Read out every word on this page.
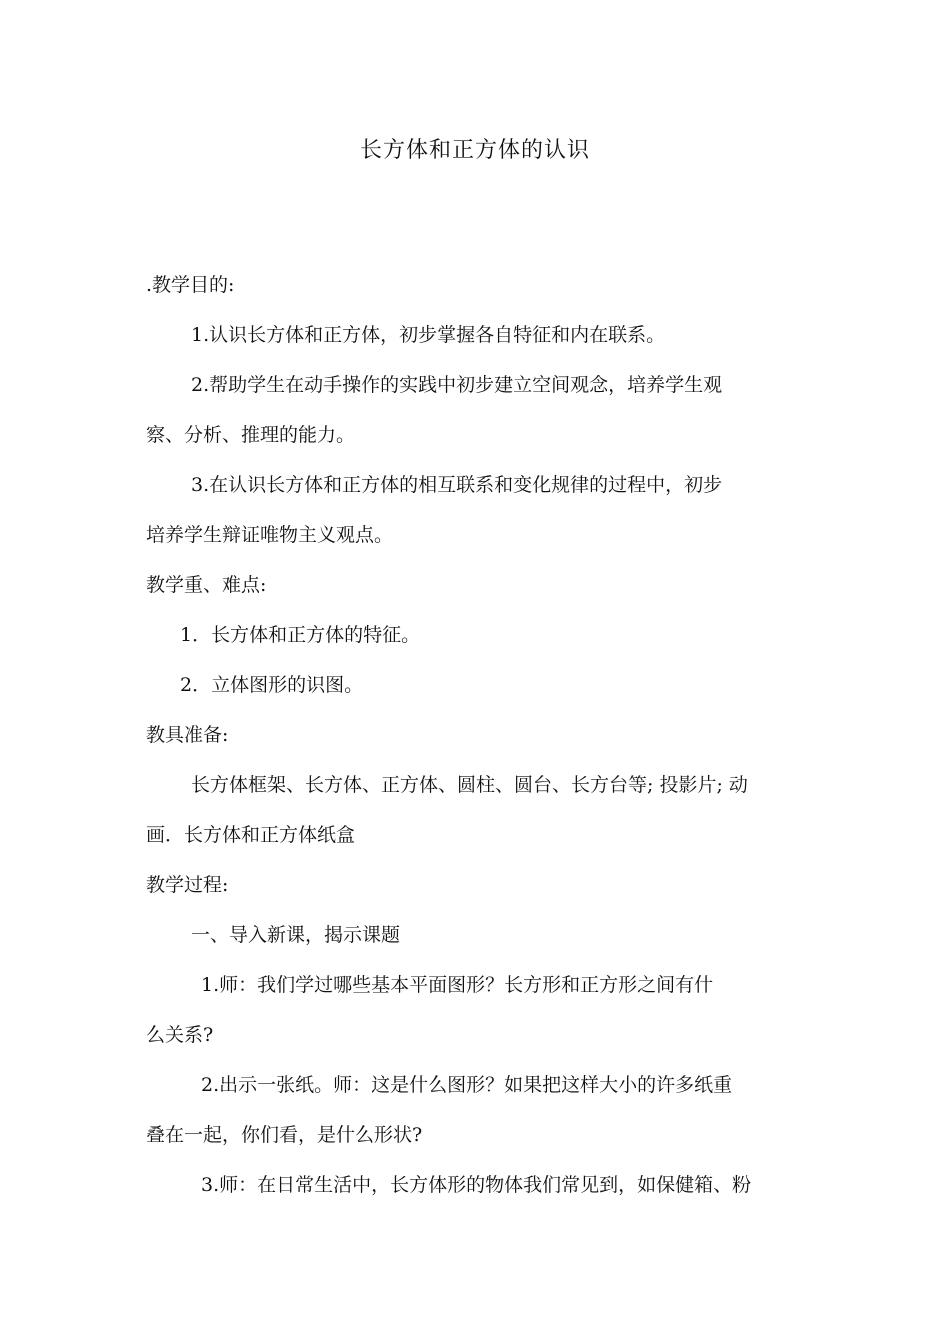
长方体和正方体的认识
.教学目的:
1.认识长方体和正方体，初步掌握各自特征和内在联系。
2.帮助学生在动手操作的实践中初步建立空间观念，培养学生观
察、分析、推理的能力。
3.在认识长方体和正方体的相互联系和变化规律的过程中，初步
培养学生辩证唯物主义观点。
教学重、难点:
1．长方体和正方体的特征。
2．立体图形的识图。
教具准备:
长方体框架、长方体、正方体、圆柱、圆台、长方台等; 投影片; 动
画．长方体和正方体纸盒
教学过程:
一、导入新课，揭示课题
1.师：我们学过哪些基本平面图形？长方形和正方形之间有什
么关系?
2.出示一张纸。师：这是什么图形？如果把这样大小的许多纸重
叠在一起，你们看，是什么形状?
3.师：在日常生活中，长方体形的物体我们常见到，如保健箱、粉
